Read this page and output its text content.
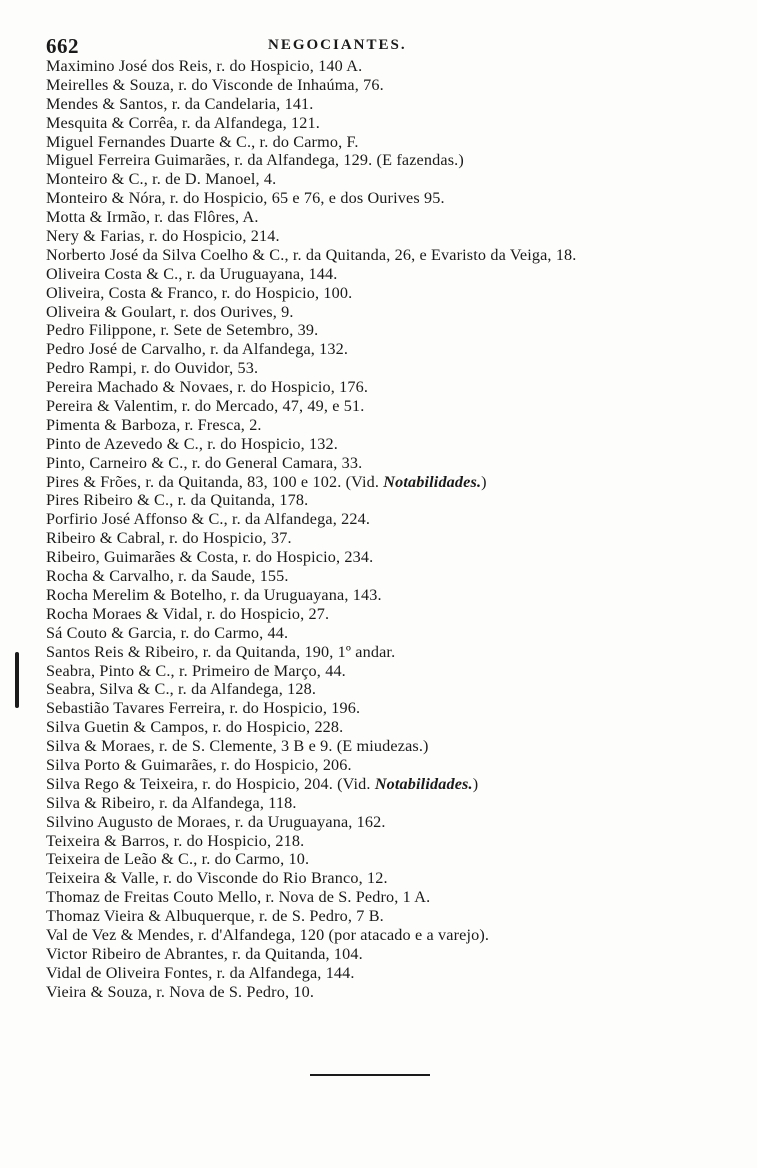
662	NEGOCIANTES.
Maximino José dos Reis, r. do Hospicio, 140 A.
Meirelles & Souza, r. do Visconde de Inhaúma, 76.
Mendes & Santos, r. da Candelaria, 141.
Mesquita & Corrêa, r. da Alfandega, 121.
Miguel Fernandes Duarte & C., r. do Carmo, F.
Miguel Ferreira Guimarães, r. da Alfandega, 129. (E fazendas.)
Monteiro & C., r. de D. Manoel, 4.
Monteiro & Nóra, r. do Hospicio, 65 e 76, e dos Ourives 95.
Motta & Irmão, r. das Flôres, A.
Nery & Farias, r. do Hospicio, 214.
Norberto José da Silva Coelho & C., r. da Quitanda, 26, e Evaristo da Veiga, 18.
Oliveira Costa & C., r. da Uruguayana, 144.
Oliveira, Costa & Franco, r. do Hospicio, 100.
Oliveira & Goulart, r. dos Ourives, 9.
Pedro Filippone, r. Sete de Setembro, 39.
Pedro José de Carvalho, r. da Alfandega, 132.
Pedro Rampi, r. do Ouvidor, 53.
Pereira Machado & Novaes, r. do Hospicio, 176.
Pereira & Valentim, r. do Mercado, 47, 49, e 51.
Pimenta & Barboza, r. Fresca, 2.
Pinto de Azevedo & C., r. do Hospicio, 132.
Pinto, Carneiro & C., r. do General Camara, 33.
Pires & Frões, r. da Quitanda, 83, 100 e 102. (Vid. Notabilidades.)
Pires Ribeiro & C., r. da Quitanda, 178.
Porfirio José Affonso & C., r. da Alfandega, 224.
Ribeiro & Cabral, r. do Hospicio, 37.
Ribeiro, Guimarães & Costa, r. do Hospicio, 234.
Rocha & Carvalho, r. da Saude, 155.
Rocha Merelim & Botelho, r. da Uruguayana, 143.
Rocha Moraes & Vidal, r. do Hospicio, 27.
Sá Couto & Garcia, r. do Carmo, 44.
Santos Reis & Ribeiro, r. da Quitanda, 190, 1º andar.
Seabra, Pinto & C., r. Primeiro de Março, 44.
Seabra, Silva & C., r. da Alfandega, 128.
Sebastião Tavares Ferreira, r. do Hospicio, 196.
Silva Guetin & Campos, r. do Hospicio, 228.
Silva & Moraes, r. de S. Clemente, 3 B e 9. (E miudezas.)
Silva Porto & Guimarães, r. do Hospicio, 206.
Silva Rego & Teixeira, r. do Hospicio, 204. (Vid. Notabilidades.)
Silva & Ribeiro, r. da Alfandega, 118.
Silvino Augusto de Moraes, r. da Uruguayana, 162.
Teixeira & Barros, r. do Hospicio, 218.
Teixeira de Leão & C., r. do Carmo, 10.
Teixeira & Valle, r. do Visconde do Rio Branco, 12.
Thomaz de Freitas Couto Mello, r. Nova de S. Pedro, 1 A.
Thomaz Vieira & Albuquerque, r. de S. Pedro, 7 B.
Val de Vez & Mendes, r. d'Alfandega, 120 (por atacado e a varejo).
Victor Ribeiro de Abrantes, r. da Quitanda, 104.
Vidal de Oliveira Fontes, r. da Alfandega, 144.
Vieira & Souza, r. Nova de S. Pedro, 10.
